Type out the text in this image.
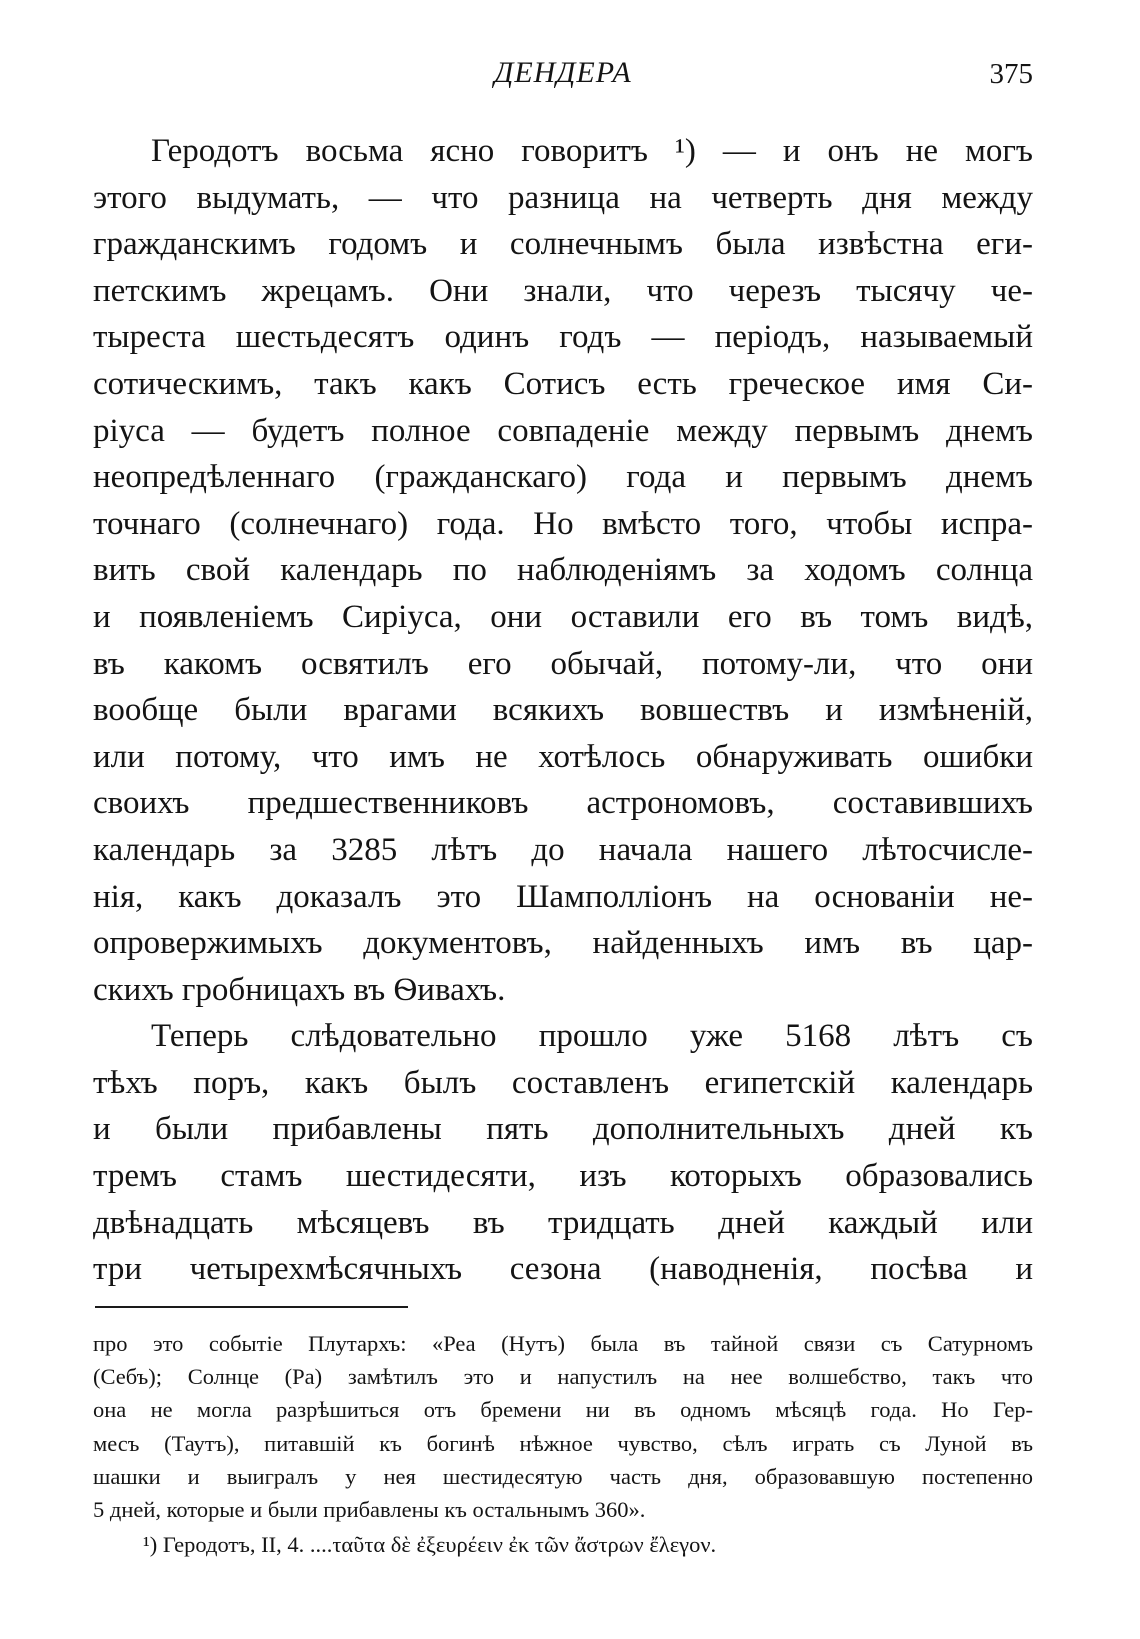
ДЕНДЕРА	375
Геродотъ восьма ясно говоритъ ¹) — и онъ не могъ
этого выдумать, — что разница на четверть дня между
гражданскимъ годомъ и солнечнымъ была извѣстна еги-
петскимъ жрецамъ. Они знали, что черезъ тысячу че-
тыреста шестьдесятъ одинъ годъ — періодъ, называемый
сотическимъ, такъ какъ Сотисъ есть греческое имя Си-
ріуса — будетъ полное совпаденіе между первымъ днемъ
неопредѣленнаго (гражданскаго) года и первымъ днемъ
точнаго (солнечнаго) года. Но вмѣсто того, чтобы испра-
вить свой календарь по наблюденіямъ за ходомъ солнца
и появленіемъ Сиріуса, они оставили его въ томъ видѣ,
въ какомъ освятилъ его обычай, потому-ли, что они
вообще были врагами всякихъ вовшествъ и измѣненій,
или потому, что имъ не хотѣлось обнаруживать ошибки
своихъ предшественниковъ астрономовъ, составившихъ
календарь за 3285 лѣтъ до начала нашего лѣтосчисле-
нія, какъ доказалъ это Шамполліонъ на основаніи не-
опровержимыхъ документовъ, найденныхъ имъ въ цар-
скихъ гробницахъ въ Ѳивахъ.
Теперь слѣдовательно прошло уже 5168 лѣтъ съ
тѣхъ поръ, какъ былъ составленъ египетскій календарь
и были прибавлены пять дополнительныхъ дней къ
тремъ стамъ шестидесяти, изъ которыхъ образовались
двѣнадцать мѣсяцевъ въ тридцать дней каждый или
три четырехмѣсячныхъ сезона (наводненія, посѣва и
про это событіе Плутархъ: «Реа (Нутъ) была въ тайной связи съ Сатурномъ
(Себъ); Солнце (Ра) замѣтилъ это и напустилъ на нее волшебство, такъ что
она не могла разрѣшиться отъ бремени ни въ одномъ мѣсяцѣ года. Но Гер-
месъ (Таутъ), питавшій къ богинѣ нѣжное чувство, сѣлъ играть съ Луной въ
шашки и выигралъ у нея шестидесятую часть дня, образовавшую постепенно
5 дней, которые и были прибавлены къ остальнымъ 360».
¹) Геродотъ, II, 4. ....ταῦτα δὲ ἐξευρέειν ἐκ τῶν ἄστρων ἔλεγον.
